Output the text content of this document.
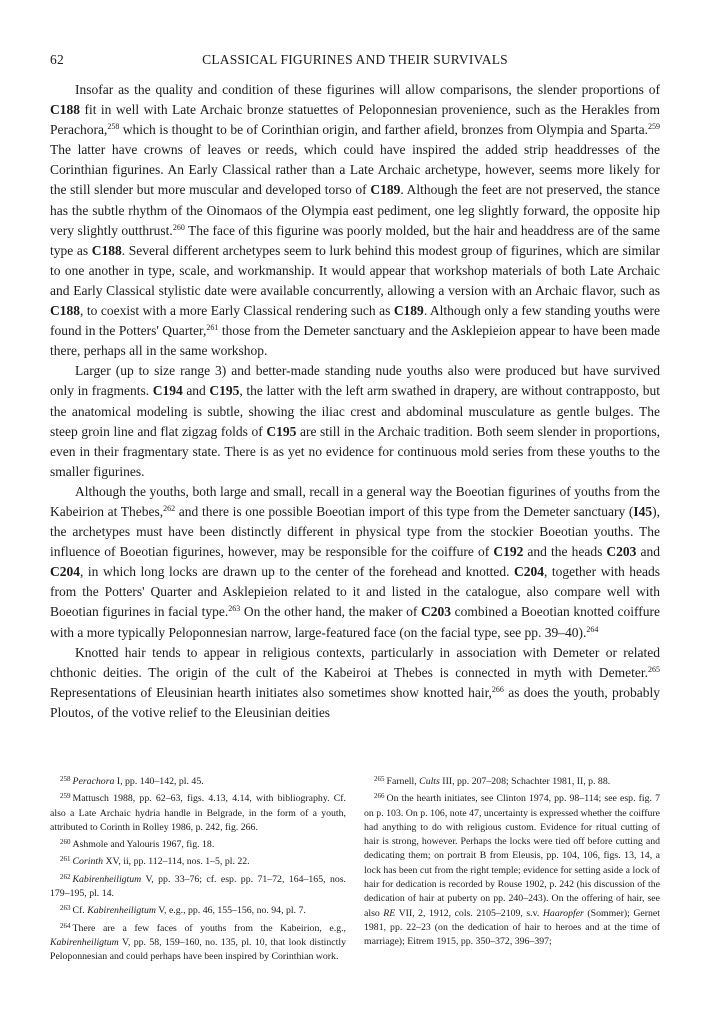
62	CLASSICAL FIGURINES AND THEIR SURVIVALS

Insofar as the quality and condition of these figurines will allow comparisons, the slender proportions of C188 fit in well with Late Archaic bronze statuettes of Peloponnesian provenience, such as the Herakles from Perachora,$^{258}$ which is thought to be of Corinthian origin, and farther afield, bronzes from Olympia and Sparta.$^{259}$ The latter have crowns of leaves or reeds, which could have inspired the added strip headdresses of the Corinthian figurines. An Early Classical rather than a Late Archaic archetype, however, seems more likely for the still slender but more muscular and developed torso of C189. Although the feet are not preserved, the stance has the subtle rhythm of the Oinomaos of the Olympia east pediment, one leg slightly forward, the opposite hip very slightly outthrust.$^{260}$ The face of this figurine was poorly molded, but the hair and headdress are of the same type as C188. Several different archetypes seem to lurk behind this modest group of figurines, which are similar to one another in type, scale, and workmanship. It would appear that workshop materials of both Late Archaic and Early Classical stylistic date were available concurrently, allowing a version with an Archaic flavor, such as C188, to coexist with a more Early Classical rendering such as C189. Although only a few standing youths were found in the Potters' Quarter,$^{261}$ those from the Demeter sanctuary and the Asklepieion appear to have been made there, perhaps all in the same workshop.

Larger (up to size range 3) and better-made standing nude youths also were produced but have survived only in fragments. C194 and C195, the latter with the left arm swathed in drapery, are without contrapposto, but the anatomical modeling is subtle, showing the iliac crest and abdominal musculature as gentle bulges. The steep groin line and flat zigzag folds of C195 are still in the Archaic tradition. Both seem slender in proportions, even in their fragmentary state. There is as yet no evidence for continuous mold series from these youths to the smaller figurines.

Although the youths, both large and small, recall in a general way the Boeotian figurines of youths from the Kabeirion at Thebes,$^{262}$ and there is one possible Boeotian import of this type from the Demeter sanctuary (I45), the archetypes must have been distinctly different in physical type from the stockier Boeotian youths. The influence of Boeotian figurines, however, may be responsible for the coiffure of C192 and the heads C203 and C204, in which long locks are drawn up to the center of the forehead and knotted. C204, together with heads from the Potters' Quarter and Asklepieion related to it and listed in the catalogue, also compare well with Boeotian figurines in facial type.$^{263}$ On the other hand, the maker of C203 combined a Boeotian knotted coiffure with a more typically Peloponnesian narrow, large-featured face (on the facial type, see pp. 39–40).$^{264}$

Knotted hair tends to appear in religious contexts, particularly in association with Demeter or related chthonic deities. The origin of the cult of the Kabeiroi at Thebes is connected in myth with Demeter.$^{265}$ Representations of Eleusinian hearth initiates also sometimes show knotted hair,$^{266}$ as does the youth, probably Ploutos, of the votive relief to the Eleusinian deities

$^{258}$ Perachora I, pp. 140–142, pl. 45.

$^{259}$ Mattusch 1988, pp. 62–63, figs. 4.13, 4.14, with bibliography. Cf. also a Late Archaic hydria handle in Belgrade, in the form of a youth, attributed to Corinth in Rolley 1986, p. 242, fig. 266.

$^{260}$ Ashmole and Yalouris 1967, fig. 18.

$^{261}$ Corinth XV, ii, pp. 112–114, nos. 1–5, pl. 22.

$^{262}$ Kabirenheiligtum V, pp. 33–76; cf. esp. pp. 71–72, 164–165, nos. 179–195, pl. 14.

$^{263}$ Cf. Kabirenheiligtum V, e.g., pp. 46, 155–156, no. 94, pl. 7.

$^{264}$ There are a few faces of youths from the Kabeirion, e.g., Kabirenheiligtum V, pp. 58, 159–160, no. 135, pl. 10, that look distinctly Peloponnesian and could perhaps have been inspired by Corinthian work.

$^{265}$ Farnell, Cults III, pp. 207–208; Schachter 1981, II, p. 88.

$^{266}$ On the hearth initiates, see Clinton 1974, pp. 98–114; see esp. fig. 7 on p. 103. On p. 106, note 47, uncertainty is expressed whether the coiffure had anything to do with religious custom. Evidence for ritual cutting of hair is strong, however. Perhaps the locks were tied off before cutting and dedicating them; on portrait B from Eleusis, pp. 104, 106, figs. 13, 14, a lock has been cut from the right temple; evidence for setting aside a lock of hair for dedication is recorded by Rouse 1902, p. 242 (his discussion of the dedication of hair at puberty on pp. 240–243). On the offering of hair, see also RE VII, 2, 1912, cols. 2105–2109, s.v. Haaropfer (Sommer); Gernet 1981, pp. 22–23 (on the dedication of hair to heroes and at the time of marriage); Eitrem 1915, pp. 350–372, 396–397;
